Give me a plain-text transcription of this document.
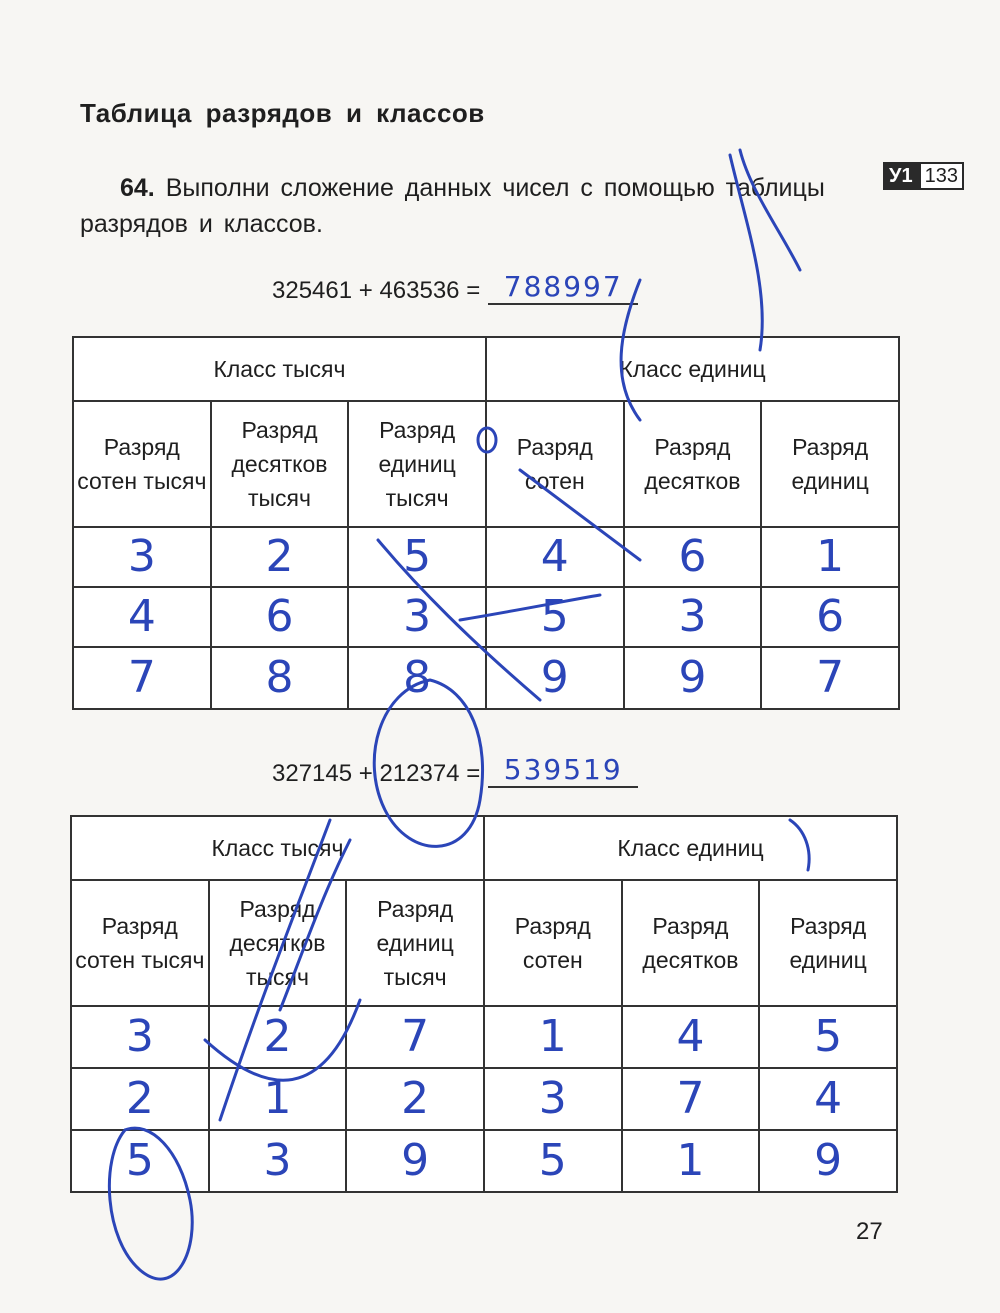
Таблица разрядов и классов
У1 133
64. Выполни сложение данных чисел с помощью таблицы разрядов и классов.
325461 + 463536 = 788997
Класс тысяч			Класс единиц		
Разряд сотен тысяч	Разряд десятков тысяч	Разряд единиц тысяч	Разряд сотен	Разряд десятков	Разряд единиц
3	2	5	4	6	1
4	6	3	5	3	6
7	8	8	9	9	7
327145 + 212374 = 539519
Класс тысяч			Класс единиц		
Разряд сотен тысяч	Разряд десятков тысяч	Разряд единиц тысяч	Разряд сотен	Разряд десятков	Разряд единиц
3	2	7	1	4	5
2	1	2	3	7	4
5	3	9	5	1	9
27
